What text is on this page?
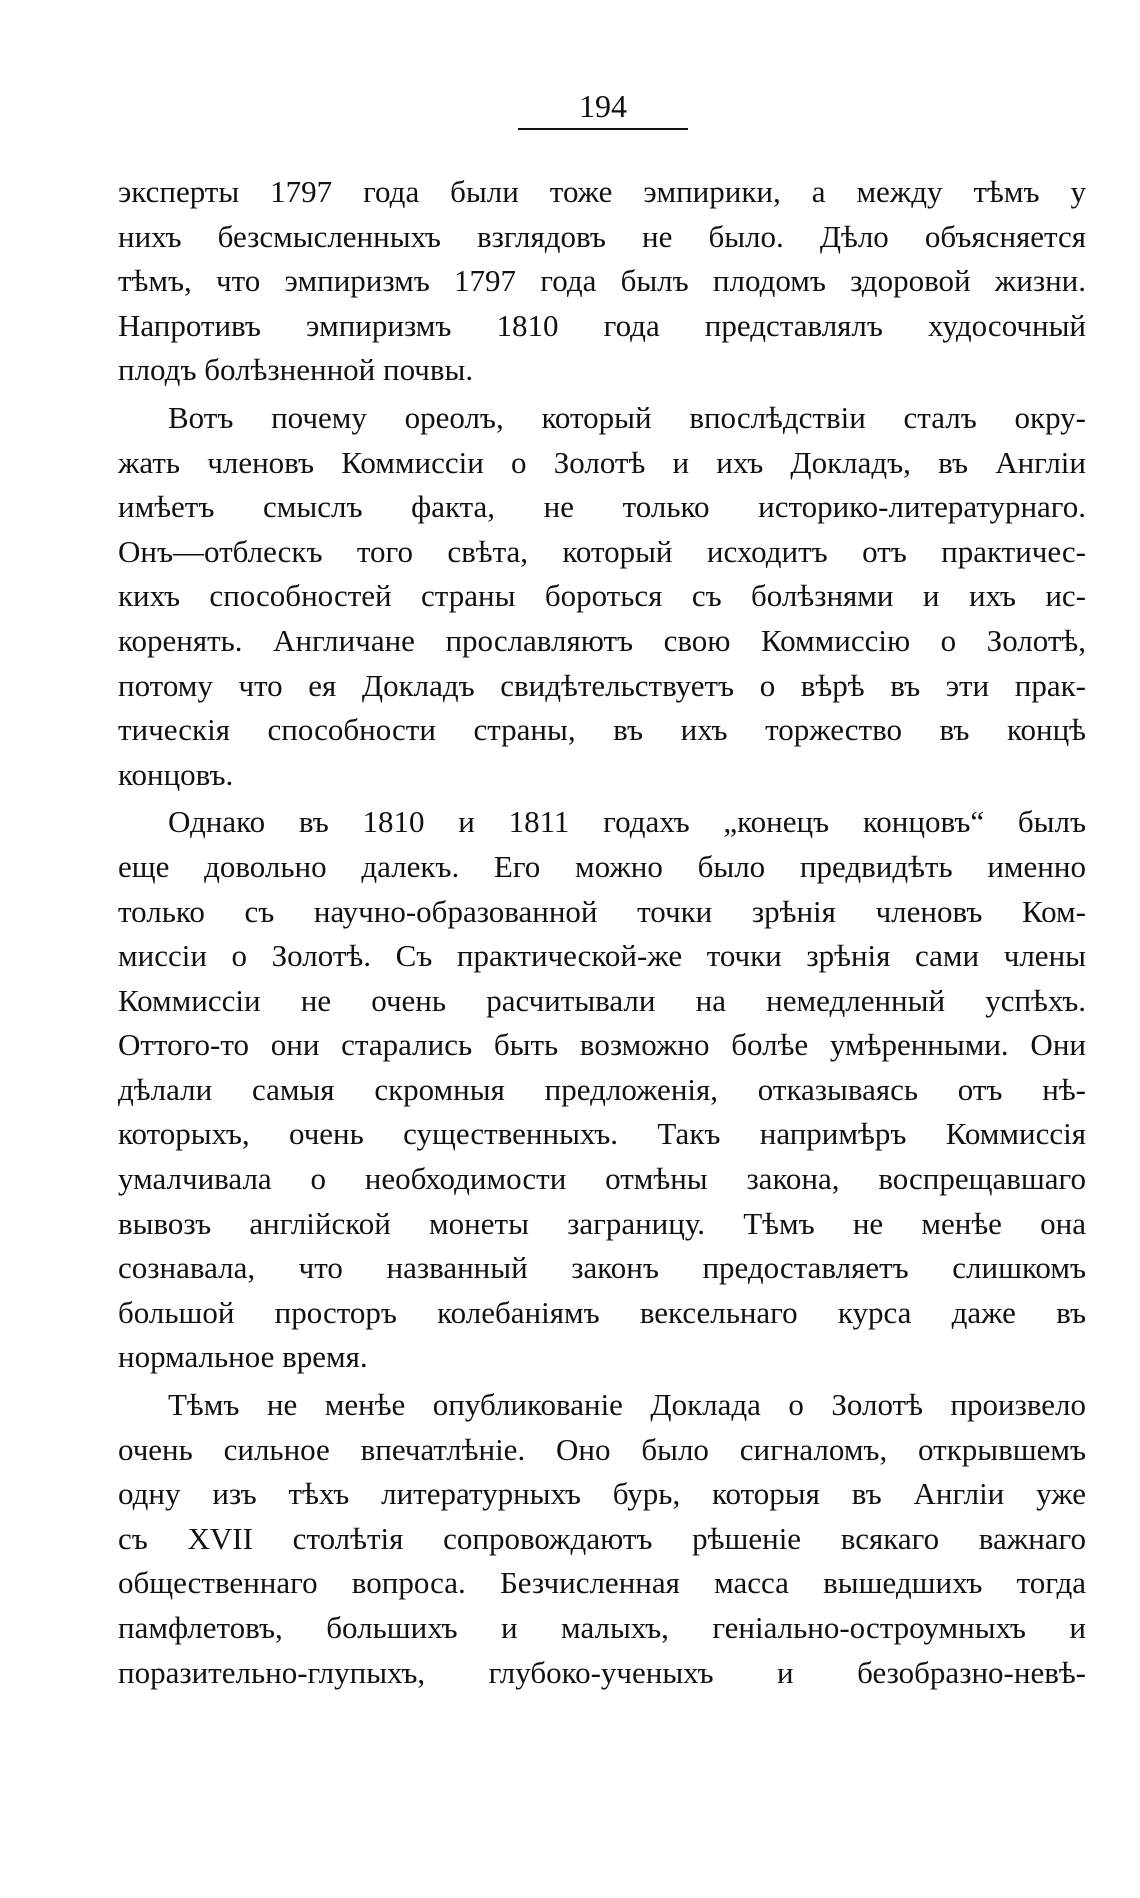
194
эксперты 1797 года были тоже эмпирики, а между тѣмъ у
нихъ безсмысленныхъ взглядовъ не было. Дѣло объясняется
тѣмъ, что эмпиризмъ 1797 года былъ плодомъ здоровой жизни.
Напротивъ эмпиризмъ 1810 года представлялъ худосочный
плодъ болѣзненной почвы.
Вотъ почему ореолъ, который впослѣдствiи сталъ окру-
жать членовъ Коммиссiи о Золотѣ и ихъ Докладъ, въ Англiи
имѣетъ смыслъ факта, не только историко-литературнаго.
Онъ—отблескъ того свѣта, который исходитъ отъ практичес-
кихъ способностей страны бороться съ болѣзнями и ихъ ис-
коренять. Англичане прославляютъ свою Коммиссiю о Золотѣ,
потому что ея Докладъ свидѣтельствуетъ о вѣрѣ въ эти прак-
тическiя способности страны, въ ихъ торжество въ концѣ
концовъ.
Однако въ 1810 и 1811 годахъ „конецъ концовъ“ былъ
еще довольно далекъ. Его можно было предвидѣть именно
только съ научно-образованной точки зрѣнiя членовъ Ком-
миссiи о Золотѣ. Съ практической-же точки зрѣнiя сами члены
Коммиссiи не очень расчитывали на немедленный успѣхъ.
Оттого-то они старались быть возможно болѣе умѣренными. Они
дѣлали самыя скромныя предложенiя, отказываясь отъ нѣ-
которыхъ, очень существенныхъ. Такъ напримѣръ Коммиссiя
умалчивала о необходимости отмѣны закона, воспрещавшаго
вывозъ англiйской монеты заграницу. Тѣмъ не менѣе она
сознавала, что названный законъ предоставляетъ слишкомъ
большой просторъ колебанiямъ вексельнаго курса даже въ
нормальное время.
Тѣмъ не менѣе опубликованiе Доклада о Золотѣ произвело
очень сильное впечатлѣнiе. Оно было сигналомъ, открывшемъ
одну изъ тѣхъ литературныхъ бурь, которыя въ Англiи уже
съ XVII столѣтiя сопровождаютъ рѣшенiе всякаго важнаго
общественнаго вопроса. Безчисленная масса вышедшихъ тогда
памфлетовъ, большихъ и малыхъ, генiально-остроумныхъ и
поразительно-глупыхъ, глубоко-ученыхъ и безобразно-невѣ-
